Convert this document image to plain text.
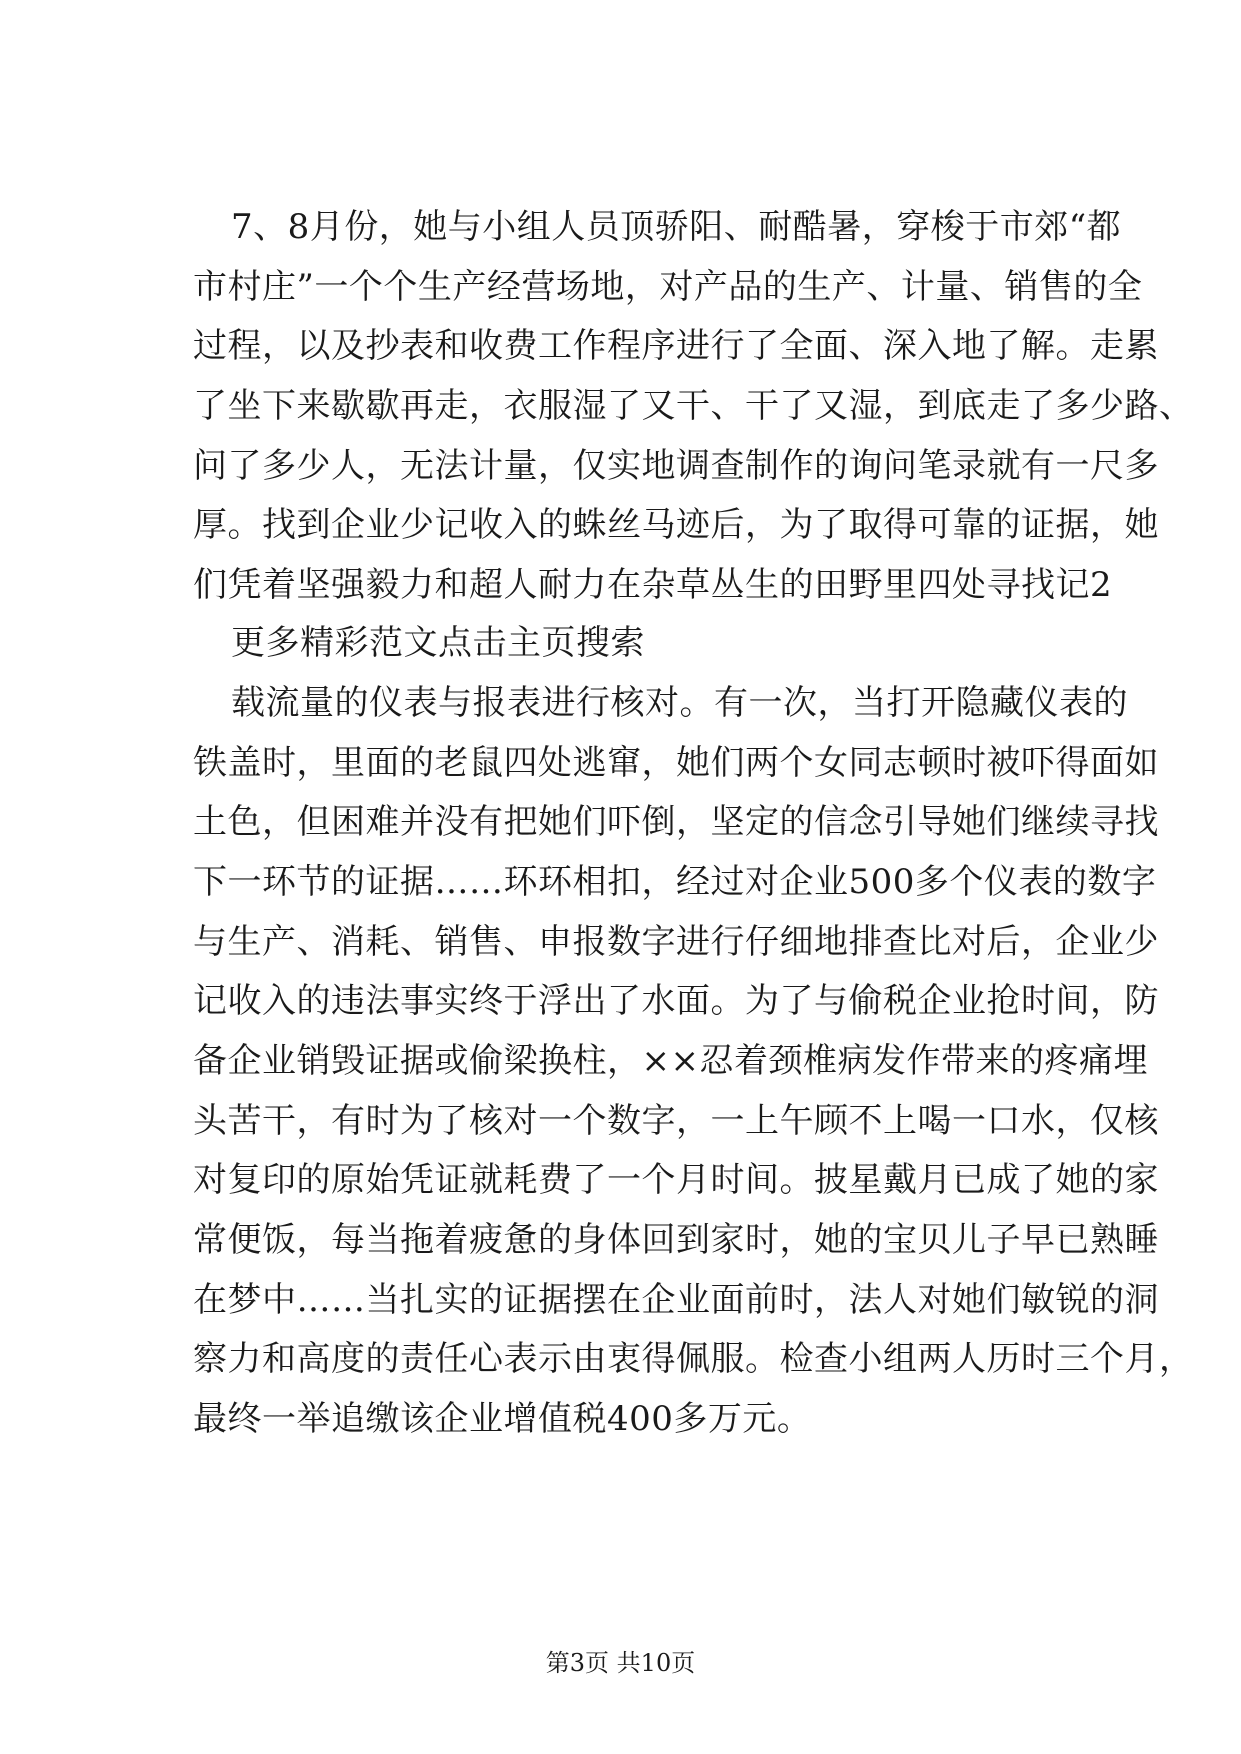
7、8月份，她与小组人员顶骄阳、耐酷暑，穿梭于市郊“都
市村庄”一个个生产经营场地，对产品的生产、计量、销售的全
过程，以及抄表和收费工作程序进行了全面、深入地了解。走累
了坐下来歇歇再走，衣服湿了又干、干了又湿，到底走了多少路、
问了多少人，无法计量，仅实地调查制作的询问笔录就有一尺多
厚。找到企业少记收入的蛛丝马迹后，为了取得可靠的证据，她
们凭着坚强毅力和超人耐力在杂草丛生的田野里四处寻找记2
更多精彩范文点击主页搜索
载流量的仪表与报表进行核对。有一次，当打开隐藏仪表的
铁盖时，里面的老鼠四处逃窜，她们两个女同志顿时被吓得面如
土色，但困难并没有把她们吓倒，坚定的信念引导她们继续寻找
下一环节的证据……环环相扣，经过对企业500多个仪表的数字
与生产、消耗、销售、申报数字进行仔细地排查比对后，企业少
记收入的违法事实终于浮出了水面。为了与偷税企业抢时间，防
备企业销毁证据或偷梁换柱，××忍着颈椎病发作带来的疼痛埋
头苦干，有时为了核对一个数字，一上午顾不上喝一口水，仅核
对复印的原始凭证就耗费了一个月时间。披星戴月已成了她的家
常便饭，每当拖着疲惫的身体回到家时，她的宝贝儿子早已熟睡
在梦中……当扎实的证据摆在企业面前时，法人对她们敏锐的洞
察力和高度的责任心表示由衷得佩服。检查小组两人历时三个月，
最终一举追缴该企业增值税400多万元。
第3页 共10页
